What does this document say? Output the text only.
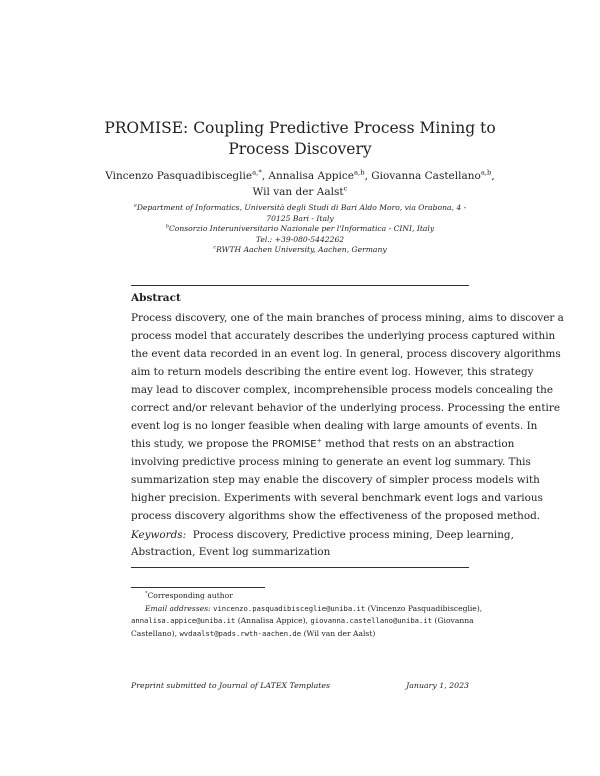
PROMISE: Coupling Predictive Process Mining to
Process Discovery
Vincenzo Pasquadibisceglie$^{a,*}$, Annalisa Appice$^{a,b}$, Giovanna Castellano$^{a,b}$,
Wil van der Aalst$^c$
$^a$Department of Informatics, Università degli Studi di Bari Aldo Moro, via Orabona, 4 -
70125 Bari - Italy
$^b$Consorzio Interuniversitario Nazionale per l'Informatica - CINI, Italy
Tel.: +39-080-5442262
$^c$RWTH Aachen University, Aachen, Germany
Abstract
Process discovery, one of the main branches of process mining, aims to discover a
process model that accurately describes the underlying process captured within
the event data recorded in an event log. In general, process discovery algorithms
aim to return models describing the entire event log. However, this strategy
may lead to discover complex, incomprehensible process models concealing the
correct and/or relevant behavior of the underlying process. Processing the entire
event log is no longer feasible when dealing with large amounts of events. In
this study, we propose the PROMISE+ method that rests on an abstraction
involving predictive process mining to generate an event log summary. This
summarization step may enable the discovery of simpler process models with
higher precision. Experiments with several benchmark event logs and various
process discovery algorithms show the effectiveness of the proposed method.
Keywords: Process discovery, Predictive process mining, Deep learning,
Abstraction, Event log summarization
*Corresponding author
Email addresses: vincenzo.pasquadibisceglie@uniba.it (Vincenzo Pasquadibisceglie),
annalisa.appice@uniba.it (Annalisa Appice), giovanna.castellano@uniba.it (Giovanna
Castellano), wvdaalst@pads.rwth-aachen.de (Wil van der Aalst)
Preprint submitted to Journal of LATEX Templates	January 1, 2023
